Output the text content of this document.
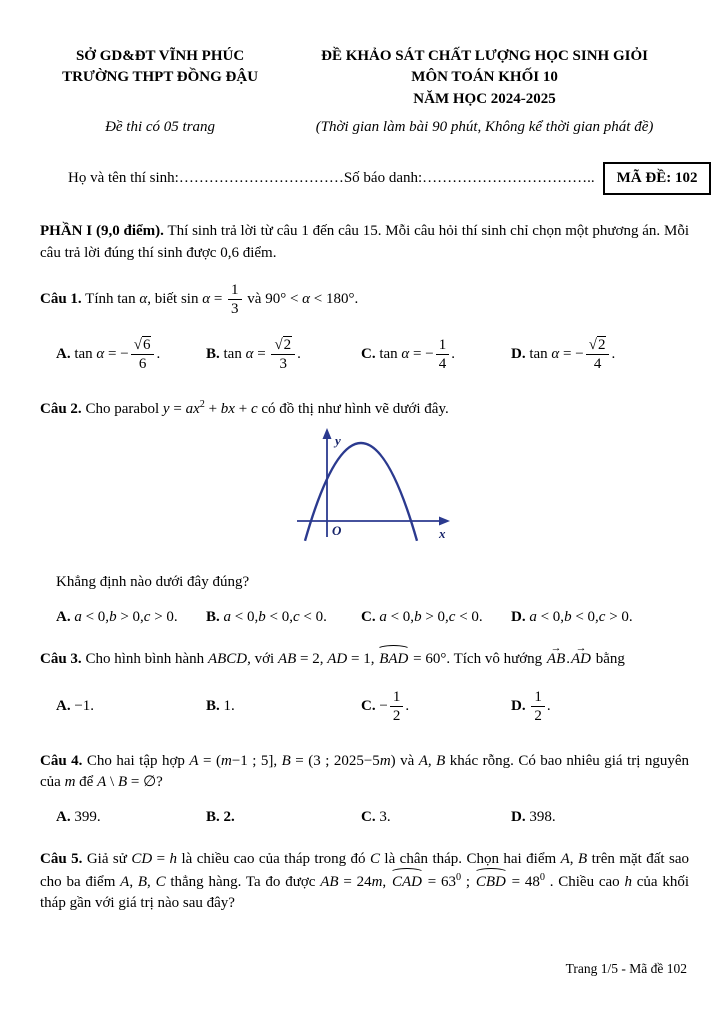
SỞ GD&ĐT VĨNH PHÚC
TRƯỜNG THPT ĐỒNG ĐẬU
ĐỀ KHẢO SÁT CHẤT LƯỢNG HỌC SINH GIỎI
MÔN TOÁN KHỐI 10
NĂM HỌC 2024-2025
Đề thi có 05 trang	(Thời gian làm bài 90 phút, Không kể thời gian phát đề)
Họ và tên thí sinh: …………………………… Số báo danh: ……………………………..	MÃ ĐỀ: 102

PHẦN I (9,0 điểm). Thí sinh trả lời từ câu 1 đến câu 15. Mỗi câu hỏi thí sinh chỉ chọn một phương án. Mỗi câu trả lời đúng thí sinh được 0,6 điểm.

Câu 1. Tính tan α, biết $\sin \alpha = \frac{1}{3}$ và 90° < α < 180°.

A. tan α = − $\frac{√6}{6}$ .	B. $\tan \alpha = \frac{√2}{3}$ .	C. tan α = − $\frac{1}{4}$ .	D. tan α = − $\frac{√2}{4}$ .

Câu 2. Cho parabol $y = ax^2$ + bx + c có đồ thị như hình vẽ dưới đây.

y
x
O

Khẳng định nào dưới đây đúng?

A. a < 0,b > 0,c > 0.	B. a < 0,b < 0,c < 0.	C. a < 0,b > 0,c < 0.	D. a < 0,b < 0,c > 0.

Câu 3. Cho hình bình hành ABCD, với AB = 2, AD = 1, BAD = 60°. Tích vô hướng AB →.AD → bằng

A. −1.	B. 1.	C. − $\frac{1}{2}$ .	D. $\frac{1}{2}$ .

Câu 4. Cho hai tập hợp A = (m−1 ; 5], B = (3 ; 2025−5m) và A, B khác rỗng. Có bao nhiêu giá trị nguyên của m để A \ B = ∅?

A. 399.	B. 2.	C. 3.	D. 398.

Câu 5. Giả sử CD = h là chiều cao của tháp trong đó C là chân tháp. Chọn hai điểm A, B trên mặt đất sao cho ba điểm A, B, C thẳng hàng. Ta đo được AB = 24m, CAD = $63^0$ ; CBD = $48^0$ . Chiều cao h của khối tháp gần với giá trị nào sau đây?

Trang 1/5 - Mã đề 102
